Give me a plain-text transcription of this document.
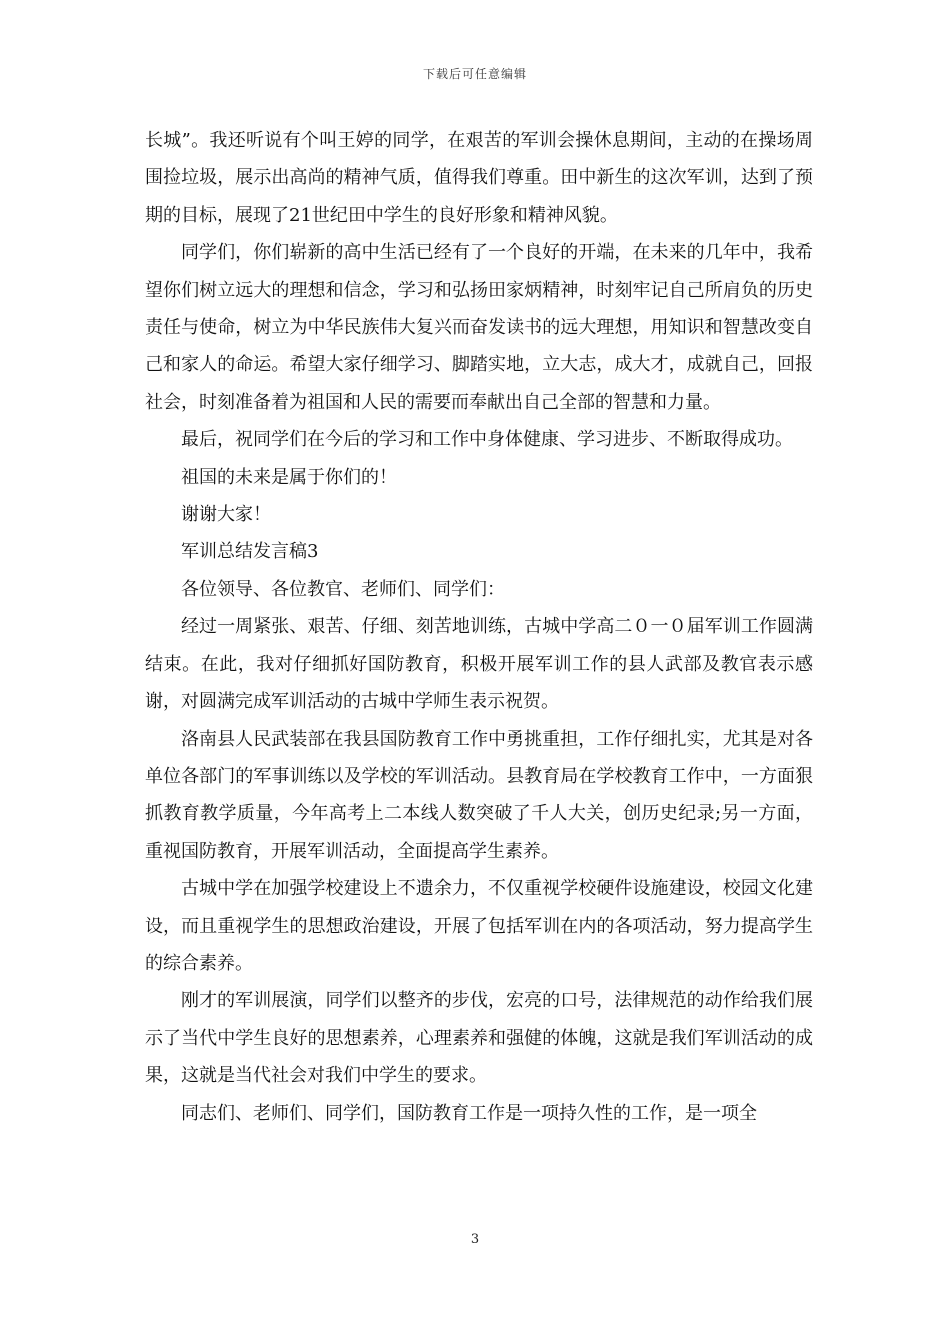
下载后可任意编辑

长城”。我还听说有个叫王婷的同学，在艰苦的军训会操休息期间，主动的在操场周围捡垃圾，展示出高尚的精神气质，值得我们尊重。田中新生的这次军训，达到了预期的目标，展现了21世纪田中学生的良好形象和精神风貌。

同学们，你们崭新的高中生活已经有了一个良好的开端，在未来的几年中，我希望你们树立远大的理想和信念，学习和弘扬田家炳精神，时刻牢记自己所肩负的历史责任与使命，树立为中华民族伟大复兴而奋发读书的远大理想，用知识和智慧改变自己和家人的命运。希望大家仔细学习、脚踏实地，立大志，成大才，成就自己，回报社会，时刻准备着为祖国和人民的需要而奉献出自己全部的智慧和力量。

最后，祝同学们在今后的学习和工作中身体健康、学习进步、不断取得成功。

祖国的未来是属于你们的！

谢谢大家！

军训总结发言稿3

各位领导、各位教官、老师们、同学们：

经过一周紧张、艰苦、仔细、刻苦地训练，古城中学高二０一０届军训工作圆满结束。在此，我对仔细抓好国防教育，积极开展军训工作的县人武部及教官表示感谢，对圆满完成军训活动的古城中学师生表示祝贺。

洛南县人民武装部在我县国防教育工作中勇挑重担，工作仔细扎实，尤其是对各单位各部门的军事训练以及学校的军训活动。县教育局在学校教育工作中，一方面狠抓教育教学质量，今年高考上二本线人数突破了千人大关，创历史纪录;另一方面，重视国防教育，开展军训活动，全面提高学生素养。

古城中学在加强学校建设上不遗余力，不仅重视学校硬件设施建设，校园文化建设，而且重视学生的思想政治建设，开展了包括军训在内的各项活动，努力提高学生的综合素养。

刚才的军训展演，同学们以整齐的步伐，宏亮的口号，法律规范的动作给我们展示了当代中学生良好的思想素养，心理素养和强健的体魄，这就是我们军训活动的成果，这就是当代社会对我们中学生的要求。

同志们、老师们、同学们，国防教育工作是一项持久性的工作，是一项全

3
